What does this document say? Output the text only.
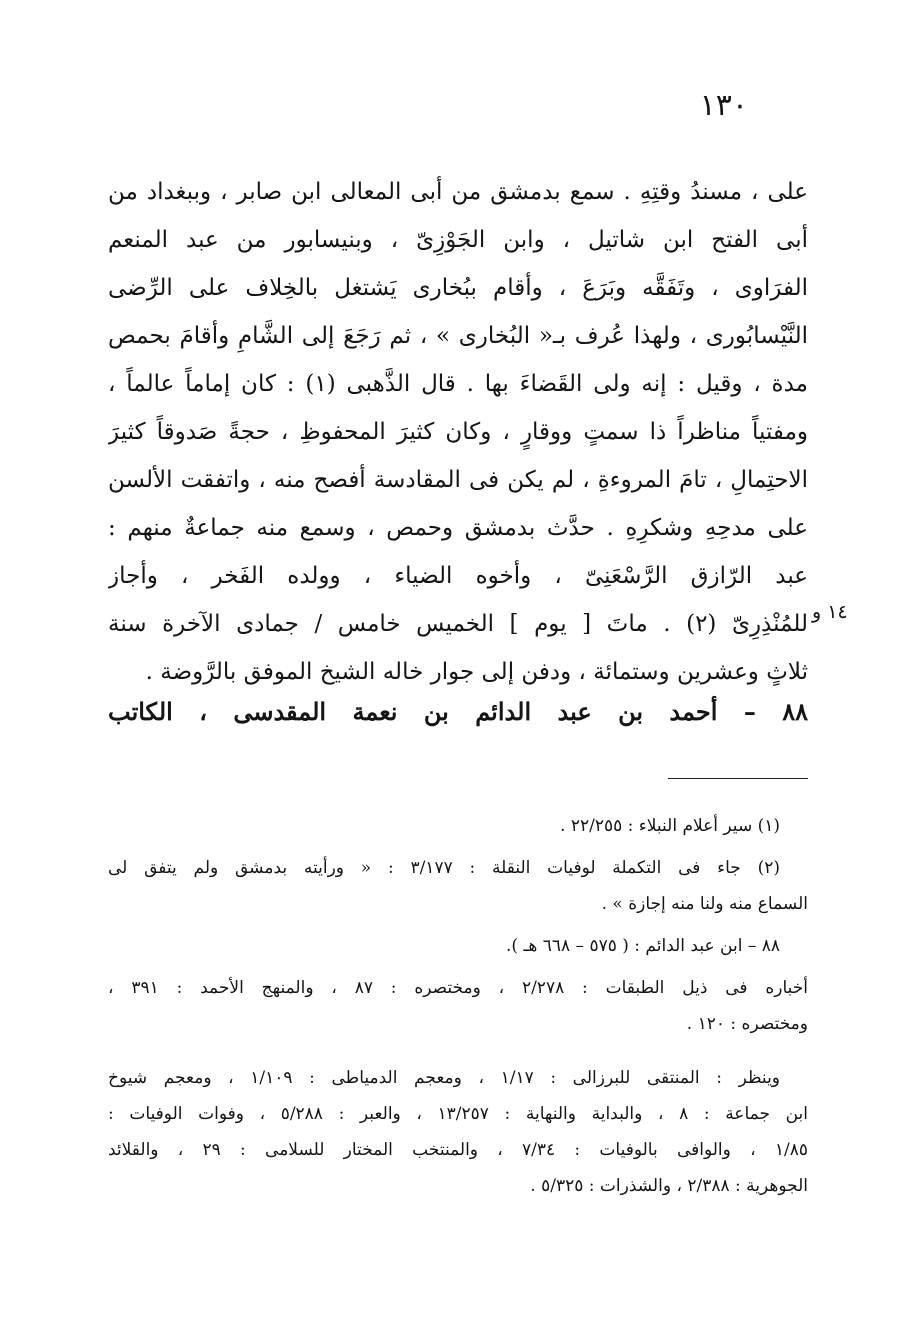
١٣٠
على ، مسندُ وقتِهِ . سمع بدمشق من أبى المعالى ابن صابر ، وببغداد من
أبى الفتح ابن شاتيل ، وابن الجَوْزِىّ ، وبنيسابور من عبد المنعم
الفرَاوى ، وتَفَقَّه وبَرَعَ ، وأقام ببُخارى يَشتغل بالخِلاف على الرِّضى
النَّيْسابُورى ، ولهذا عُرف بـ« البُخارى » ، ثم رَجَعَ إلى الشَّامِ وأقامَ بحمص
مدة ، وقيل : إنه ولى القَضاءَ بها . قال الذَّهبى (١) : كان إماماً عالماً ،
ومفتياً مناظراً ذا سمتٍ ووقارٍ ، وكان كثيرَ المحفوظِ ، حجةً صَدوقاً كثيرَ
الاحتِمالِ ، تامَ المروءةِ ، لم يكن فى المقادسة أفصح منه ، واتفقت الألسن
على مدحِهِ وشكرِهِ . حدَّث بدمشق وحمص ، وسمع منه جماعةٌ منهم :
عبد الرّازق الرَّسْعَنِىّ ، وأخوه الضياء ، وولده الفَخر ، وأجاز
للمُنْذِرِىّ (٢) . ماتَ [ يوم ] الخميس خامس / جمادى الآخرة سنة
ثلاثٍ وعشرين وستمائة ، ودفن إلى جوار خاله الشيخ الموفق بالرَّوضة .
١٤ و
٨٨ – أحمد بن عبد الدائم بن نعمة المقدسى ، الكاتب
(١) سير أعلام النبلاء : ٢٢/٢٥٥ .
(٢) جاء فى التكملة لوفيات النقلة : ٣/١٧٧ : « ورأيته بدمشق ولم يتفق لى
السماع منه ولنا منه إجازة » .
٨٨ – ابن عبد الدائم : ( ٥٧٥ – ٦٦٨ هـ ).
أخباره فى ذيل الطبقات : ٢/٢٧٨ ، ومختصره : ٨٧ ، والمنهج الأحمد : ٣٩١ ،
ومختصره : ١٢٠ .
وينظر : المنتقى للبرزالى : ١/١٧ ، ومعجم الدمياطى : ١/١٠٩ ، ومعجم شيوخ
ابن جماعة : ٨ ، والبداية والنهاية : ١٣/٢٥٧ ، والعبر : ٥/٢٨٨ ، وفوات الوفيات :
١/٨٥ ، والوافى بالوفيات : ٧/٣٤ ، والمنتخب المختار للسلامى : ٢٩ ، والقلائد
الجوهرية : ٢/٣٨٨ ، والشذرات : ٥/٣٢٥ .
